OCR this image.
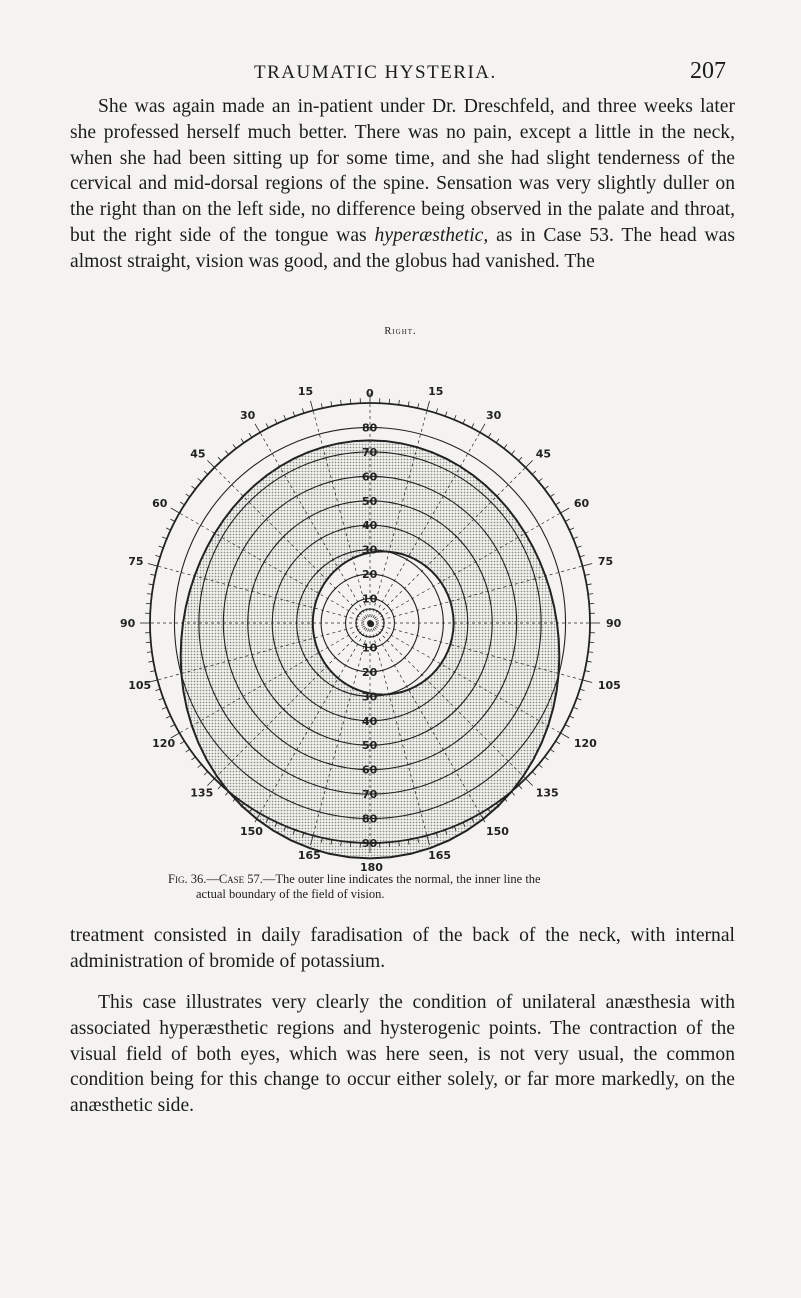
TRAUMATIC HYSTERIA.	207

She was again made an in-patient under Dr. Dreschfeld, and three weeks later she professed herself much better. There was no pain, except a little in the neck, when she had been sitting up for some time, and she had slight tenderness of the cervical and mid-dorsal regions of the spine. Sensation was very slightly duller on the right than on the left side, no difference being observed in the palate and throat, but the right side of the tongue was hyperæsthetic, as in Case 53. The head was almost straight, vision was good, and the globus had vanished. The

Right.
o
15
30
45
60
75
90
105
120
135
150
165
15
30
45
60
75
90
105
120
135
150
165
0
180
80
70
60
50
40
30
20
10
10
20
30
40
50
60
70
80
90
Fig. 36.—Case 57.—The outer line indicates the normal, the inner line the
actual boundary of the field of vision.

treatment consisted in daily faradisation of the back of the neck, with internal administration of bromide of potassium.

This case illustrates very clearly the condition of unilateral anæsthesia with associated hyperæsthetic regions and hysterogenic points. The contraction of the visual field of both eyes, which was here seen, is not very usual, the common condition being for this change to occur either solely, or far more markedly, on the anæsthetic side.
